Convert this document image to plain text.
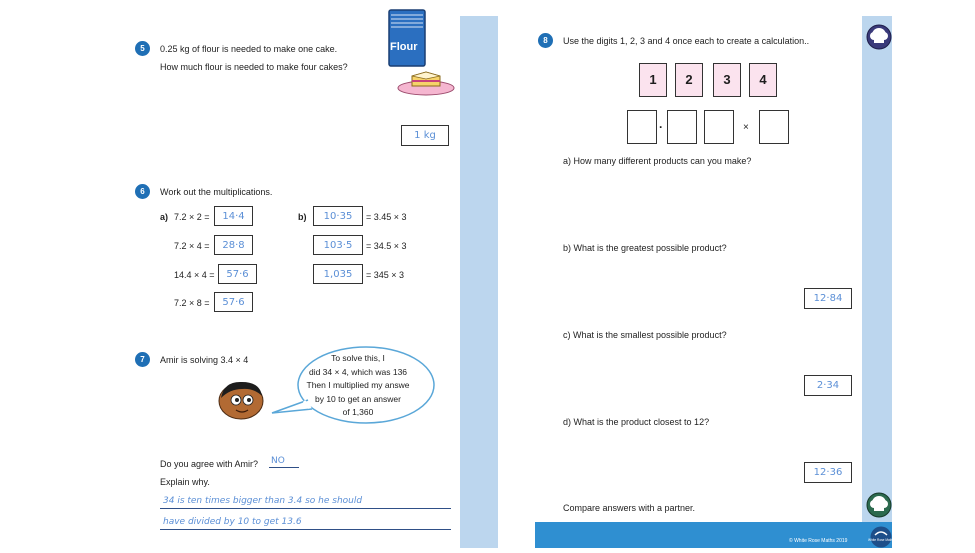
5	0.25 kg of flour is needed to make one cake.
How much flour is needed to make four cakes?
Flour
1 kg
6	Work out the multiplications.
a) 7.2 × 2 = 14·4
7.2 × 4 = 28·8
14.4 × 4 = 57·6
7.2 × 8 = 57·6
b) 10·35 = 3.45 × 3
103·5 = 34.5 × 3
1,035 = 345 × 3
7	Amir is solving 3.4 × 4	To solve this, I
did 34 × 4, which was 136
Then I multiplied my answe
by 10 to get an answer
of 1,360
Do you agree with Amir? NO
Explain why.
34 is ten times bigger than 3.4 so he should
have divided by 10 to get 13.6
8	Use the digits 1, 2, 3 and 4 once each to create a calculation..
1	2	3	4
·	×
a) How many different products can you make?
b) What is the greatest possible product?
12·84
c) What is the smallest possible product?
2·34
d) What is the product closest to 12?
12·36
Compare answers with a partner.
© White Rose Maths 2019	White Rose Maths
